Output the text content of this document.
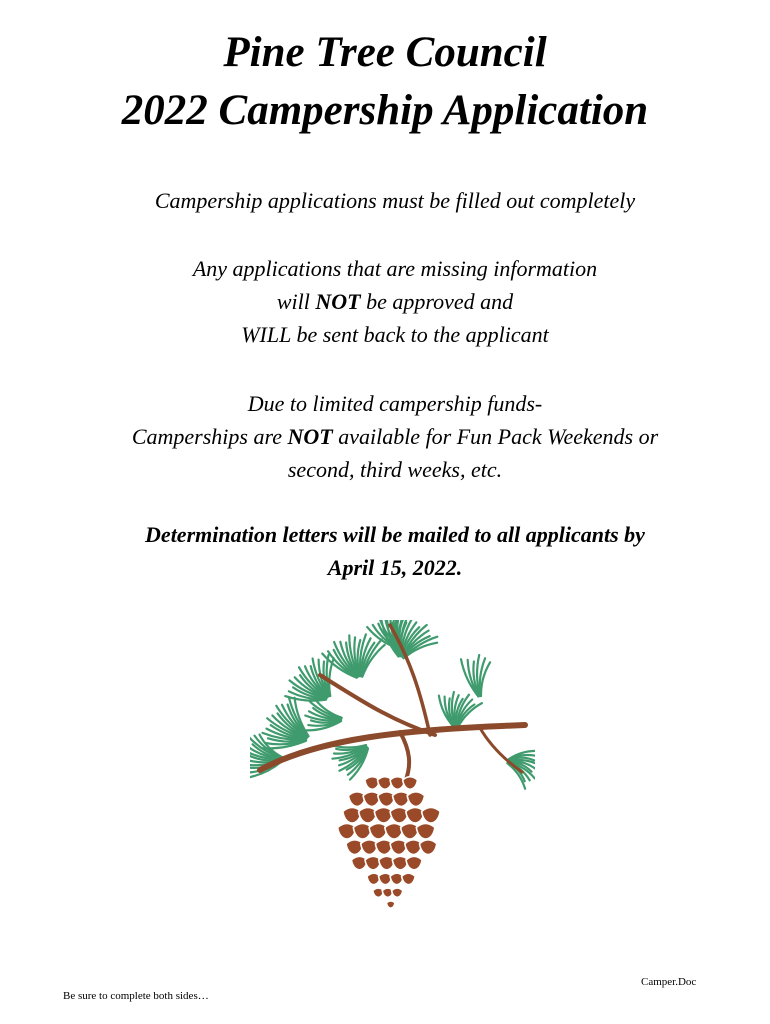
Pine Tree Council
2022 Campership Application

Campership applications must be filled out completely

Any applications that are missing information
will NOT be approved and
WILL be sent back to the applicant

Due to limited campership funds-
Camperships are NOT available for Fun Pack Weekends or
second, third weeks, etc.

Determination letters will be mailed to all applicants by
April 15, 2022.

Be sure to complete both sides…
Camper.Doc
